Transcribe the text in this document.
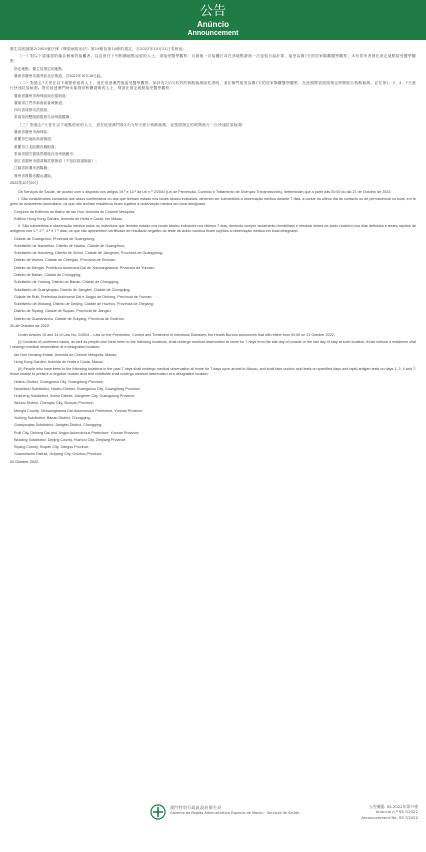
公告
Anúncio
Announcement

衛生局根據第2/2004號法律《傳染病防治法》第19條及第14條的規定，自2022年10月21日零時起：

（一）對以下經確認的確診個案的接觸者，以及曾在下列相關地點逗留的人士，須接受醫學觀察：自最後一次接觸日或在該地點最後一次逗留日起計算，接受為期7天的居家隔離醫學觀察；未有居所者則在指定地點接受醫學觀察：

指定地點：衛生局指定的地點；

廣東省廣州市越秀區北京街道，自2022年10月15日起。

（二）對過去7天曾在以下地點停留的人士，須在抵達澳門後接受醫學觀察：如持有7天內有效的核酸檢測陰性證明，須在澳門接受為期7天的居家隔離醫學觀察，在此期間須按照指定時間進行核酸檢測，並在第1、2、4、7天進行快速抗原檢測。對於抵達澳門時未能提供相關證明的人士，則須在指定地點接受醫學觀察：

廣東省廣州市海珠區南石頭街道；

廣東省江門市新會區會城街道；

四川省成都市武侯區；

雲南省西雙版納傣族自治州勐臘縣；

（三）對過去7天曾在以下地點停留的人士，須在抵達澳門後3天內每天進行核酸檢測，並按照指定的時間進行一次快速抗原檢測：

廣東省廣州市海珠區；

重慶市巴南區魚洞街道；

重慶市江北區觀音橋街道；

雲南省德宏傣族景頗族自治州瑞麗市；

浙江省湖州市德清縣武康街道（不包括高風險區）；

江蘇省宿遷市泗陽縣；

貴州省貴陽市觀山湖區。

2022年10月20日

Os Serviços de Saúde, de acordo com o disposto nos artigos 19.º e 14.º da Lei n.º 2/2004 (Lei de Prevenção, Controlo e Tratamento de Doenças Transmissíveis), determinam que a partir das 00:00 do dia 21 de Outubro de 2022:

I. São considerados contactos dos casos confirmados ou dos que tenham estado nos locais abaixo indicados, devendo ser submetidos a observação médica durante 7 dias, a contar do último dia de contacto ou de permanência no local, em regime de isolamento domiciliário; os que não tenham residência ficam sujeitos a observação médica em local designado:

Conjunto de Edifícios do Bairro de Iao Hon, Avenida do Coronel Mesquita;

Edifício Hong Kong Garden, Avenida de Horta e Costa, em Macau.

II. São submetidos a observação médica todos os indivíduos que tenham estado nos locais abaixo indicados nos últimos 7 dias, devendo cumprir isolamento domiciliário e efectuar testes de ácido nucleico nos dias definidos e testes rápidos de antigénio nos 1.º, 2.º, 4.º e 7.º dias; os que não apresentem certificado de resultado negativo do teste de ácido nucleico ficam sujeitos a observação médica em local designado:

Cidade de Guangzhou, Província de Guangdong;

Subdistrito de Nanshitou, Distrito de Haizhu, Cidade de Guangzhou;

Subdistrito de Huicheng, Distrito de Xinhui, Cidade de Jiangmen, Província de Guangdong;

Distrito de Wuhou, Cidade de Chengdu, Província de Sichuan;

Distrito de Mengla, Prefeitura Autónoma Dai de Xishuangbanna, Província de Yunnan;

Distrito de Banan, Cidade de Chongqing;

Subdistrito de Yudong, Distrito de Banan, Cidade de Chongqing;

Subdistrito de Guanyinqiao, Distrito de Jiangbei, Cidade de Chongqing;

Cidade de Ruili, Prefeitura Autónoma Dai e Jingpo de Dehong, Província de Yunnan;

Subdistrito de Wukang, Distrito de Deqing, Cidade de Huzhou, Província de Zhejiang;

Distrito de Siyang, Cidade de Suqian, Província de Jiangsu;

Distrito de Guanshanhu, Cidade de Guiyang, Província de Guizhou.

20 de Outubro de 2022

Under Articles 19 and 14 of Law No. 2/2004 – Law on the Prevention, Control and Treatment of Infectious Diseases, the Health Bureau announces that with effect from 00:00 on 21 October 2022:

(I) Contacts of confirmed cases, as well as people who have been to the following locations, shall undergo medical observation at home for 7 days from the last day of contact or the last day of stay at such location; those without a residence shall undergo medical observation at a designated location:

Iao Hon Housing Estate, Avenida do Coronel Mesquita, Macao;

Hong Kong Garden, Avenida de Horta e Costa, Macao.

(II) People who have been to the following locations in the past 7 days shall undergo medical observation at home for 7 days upon arrival in Macao, and shall take nucleic acid tests on specified days and rapid antigen tests on days 1, 2, 4 and 7; those unable to present a negative nucleic acid test certificate shall undergo medical observation at a designated location:

Haizhu District, Guangzhou City, Guangdong Province;

Nanshitou Subdistrict, Haizhu District, Guangzhou City, Guangdong Province;

Huicheng Subdistrict, Xinhui District, Jiangmen City, Guangdong Province;

Wuhou District, Chengdu City, Sichuan Province;

Mengla County, Xishuangbanna Dai Autonomous Prefecture, Yunnan Province;

Yudong Subdistrict, Banan District, Chongqing;

Guanyinqiao Subdistrict, Jiangbei District, Chongqing;

Ruili City, Dehong Dai and Jingpo Autonomous Prefecture, Yunnan Province;

Wukang Subdistrict, Deqing County, Huzhou City, Zhejiang Province;

Siyang County, Suqian City, Jiangsu Province;

Guanshanhu District, Guiyang City, Guizhou Province.

20 October 2022
澳門特別行政區政府衛生局
Governo da Região Administrativa Especial de Macau · Serviços de Saúde
公告編號: SS-2022年第??號
Anúncio n.º SS-?/2022
Announcement No. SS-?/2022
